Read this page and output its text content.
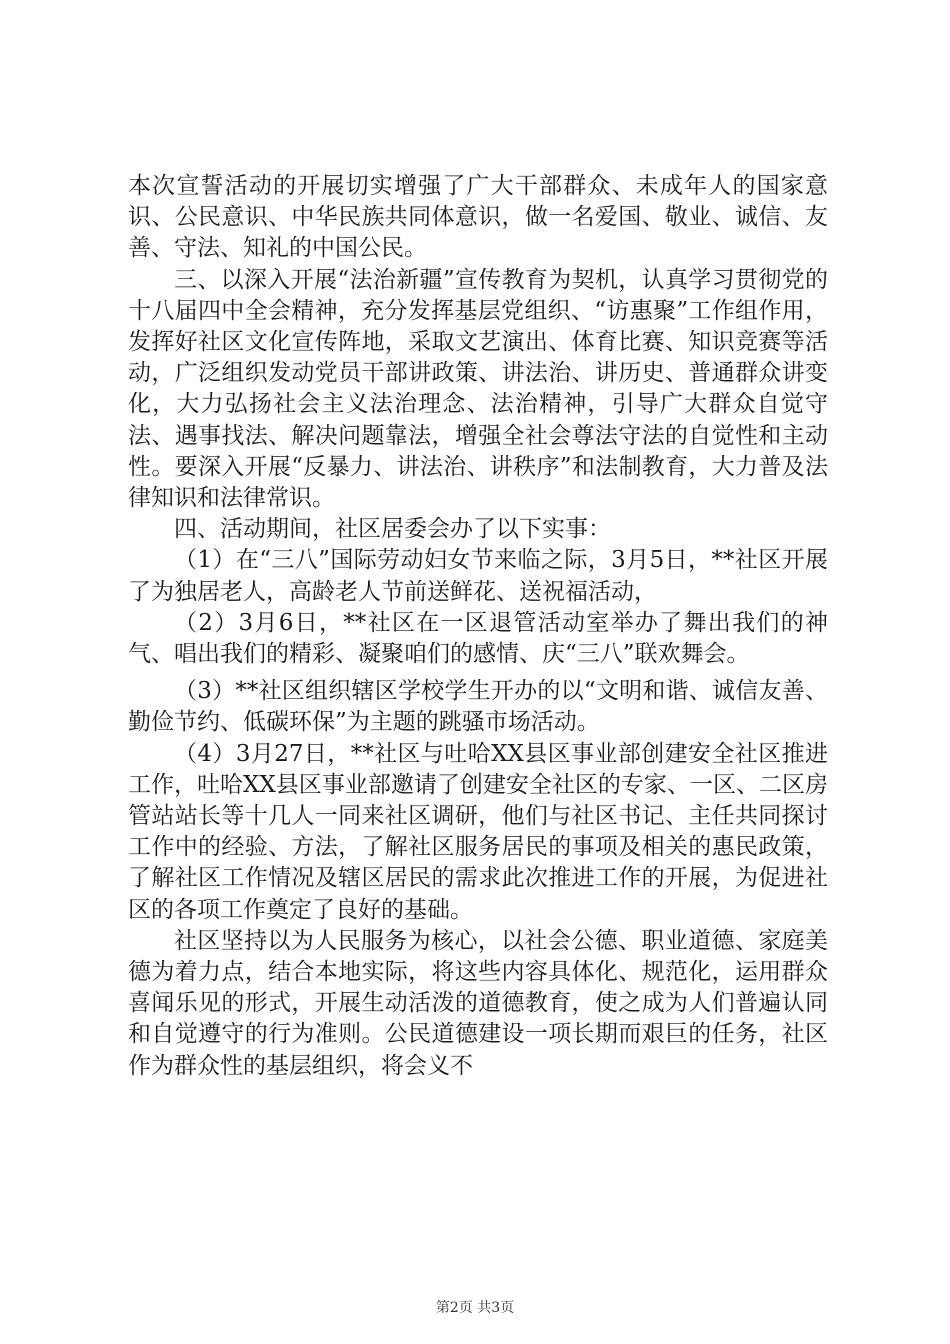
本次宣誓活动的开展切实增强了广大干部群众、未成年人的国家意识、公民意识、中华民族共同体意识，做一名爱国、敬业、诚信、友善、守法、知礼的中国公民。

三、以深入开展“法治新疆”宣传教育为契机，认真学习贯彻党的十八届四中全会精神，充分发挥基层党组织、“访惠聚”工作组作用，发挥好社区文化宣传阵地，采取文艺演出、体育比赛、知识竞赛等活动，广泛组织发动党员干部讲政策、讲法治、讲历史、普通群众讲变化，大力弘扬社会主义法治理念、法治精神，引导广大群众自觉守法、遇事找法、解决问题靠法，增强全社会尊法守法的自觉性和主动性。要深入开展“反暴力、讲法治、讲秩序”和法制教育，大力普及法律知识和法律常识。

四、活动期间，社区居委会办了以下实事：

（1）在“三八”国际劳动妇女节来临之际，3月5日，**社区开展了为独居老人，高龄老人节前送鲜花、送祝福活动，

（2）3月6日，**社区在一区退管活动室举办了舞出我们的神气、唱出我们的精彩、凝聚咱们的感情、庆“三八”联欢舞会。

（3）**社区组织辖区学校学生开办的以“文明和谐、诚信友善、勤俭节约、低碳环保”为主题的跳骚市场活动。

（4）3月27日，**社区与吐哈XX县区事业部创建安全社区推进工作，吐哈XX县区事业部邀请了创建安全社区的专家、一区、二区房管站站长等十几人一同来社区调研，他们与社区书记、主任共同探讨工作中的经验、方法，了解社区服务居民的事项及相关的惠民政策，了解社区工作情况及辖区居民的需求此次推进工作的开展，为促进社区的各项工作奠定了良好的基础。

社区坚持以为人民服务为核心，以社会公德、职业道德、家庭美德为着力点，结合本地实际，将这些内容具体化、规范化，运用群众喜闻乐见的形式，开展生动活泼的道德教育，使之成为人们普遍认同和自觉遵守的行为准则。公民道德建设一项长期而艰巨的任务，社区作为群众性的基层组织，将会义不

第2页 共3页
